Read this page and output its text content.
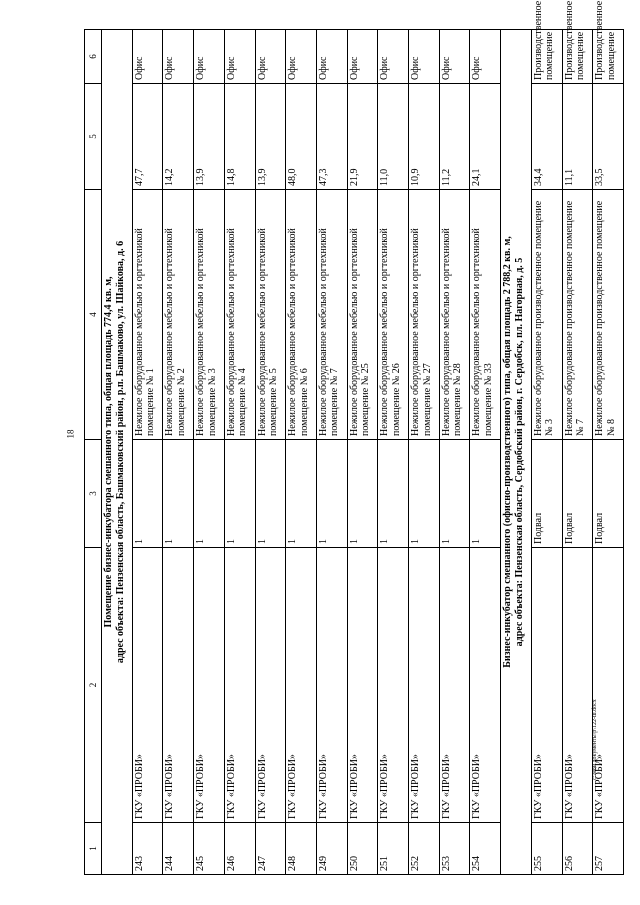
18
1	2	3	4	5	6

Помещение бизнес-инкубатора смешанного типа, общая площадь 774,4 кв. м, адрес объекта: Пензенская область, Башмаковский район, р.п. Башмаково, ул. Шайкова, д. 6					

243	ГКУ «ПРОБИ»	1	Нежилое оборудованное мебелью и оргтехникой помещение № 1	47,7	Офис
244	ГКУ «ПРОБИ»	1	Нежилое оборудованное мебелью и оргтехникой помещение № 2	14,2	Офис
245	ГКУ «ПРОБИ»	1	Нежилое оборудованное мебелью и оргтехникой помещение № 3	13,9	Офис
246	ГКУ «ПРОБИ»	1	Нежилое оборудованное мебелью и оргтехникой помещение № 4	14,8	Офис
247	ГКУ «ПРОБИ»	1	Нежилое оборудованное мебелью и оргтехникой помещение № 5	13,9	Офис
248	ГКУ «ПРОБИ»	1	Нежилое оборудованное мебелью и оргтехникой помещение № 6	48,0	Офис
249	ГКУ «ПРОБИ»	1	Нежилое оборудованное мебелью и оргтехникой помещение № 7	47,3	Офис
250	ГКУ «ПРОБИ»	1	Нежилое оборудованное мебелью и оргтехникой помещение № 25	21,9	Офис
251	ГКУ «ПРОБИ»	1	Нежилое оборудованное мебелью и оргтехникой помещение № 26	11,0	Офис
252	ГКУ «ПРОБИ»	1	Нежилое оборудованное мебелью и оргтехникой помещение № 27	10,9	Офис
253	ГКУ «ПРОБИ»	1	Нежилое оборудованное мебелью и оргтехникой помещение № 28	11,2	Офис
254	ГКУ «ПРОБИ»	1	Нежилое оборудованное мебелью и оргтехникой помещение № 33	24,1	Офис

Бизнес-инкубатор смешанного (офисно-производственного) типа, общая площадь 2 788,2 кв. м, адрес объекта: Пензенская область, Сердобский район, г. Сердобск, пл. Нагорная, д. 5					

255	ГКУ «ПРОБИ»	Подвал	Нежилое оборудованное производственное помещение № 3	34,4	Производственное помещение
256	ГКУ «ПРОБИ»	Подвал	Нежилое оборудованное производственное помещение № 7	11,1	Производственное помещение
257	ГКУ «ПРОБИ»	Подвал	Нежилое оборудованное производственное помещение № 8	33,5	Производственное помещение
c:\мои документы\р\122-ш.docx
